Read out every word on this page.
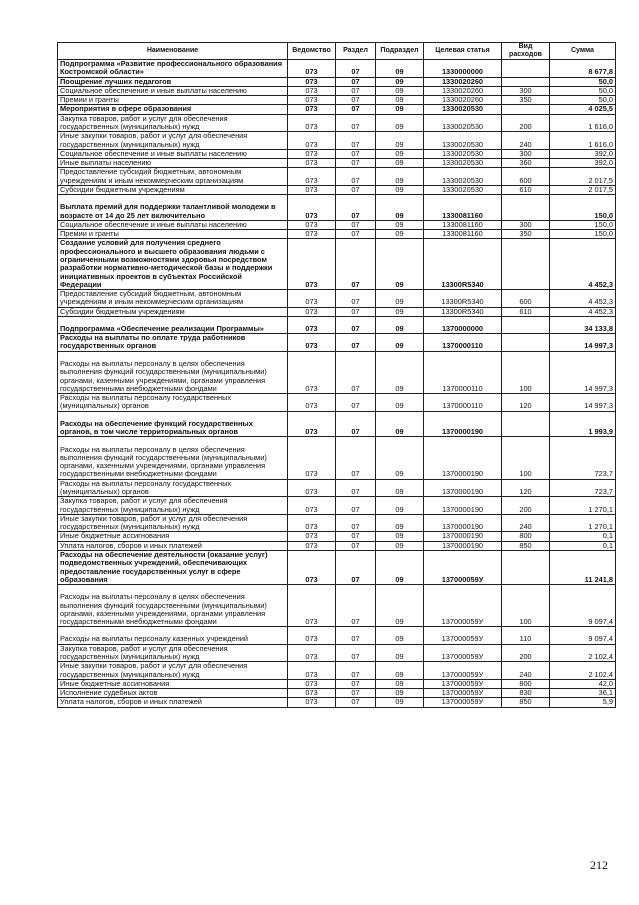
Наименование	Ведомство	Раздел	Подраздел	Целевая статья	Вид расходов	Сумма
Подпрограмма «Развитие профессионального образования Костромской области»	073	07	09	1330000000		8 677,8
Поощрение лучших педагогов	073	07	09	1330020260		50,0
Социальное обеспечение и иные выплаты населению	073	07	09	1330020260	300	50,0
Премии и гранты	073	07	09	1330020260	350	50,0
Мероприятия в сфере образования	073	07	09	1330020530		4 025,5
Закупка товаров, работ и услуг для обеспечения государственных (муниципальных) нужд	073	07	09	1330020530	200	1 616,0
Иные закупки товаров, работ и услуг для обеспечения государственных (муниципальных) нужд	073	07	09	1330020530	240	1 616,0
Социальное обеспечение и иные выплаты населению	073	07	09	1330020530	300	392,0
Иные выплаты населению	073	07	09	1330020530	360	392,0
Предоставление субсидий бюджетным, автономным учреждениям и иным некоммерческим организациям	073	07	09	1330020530	600	2 017,5
Субсидии бюджетным учреждениям	073	07	09	1330020530	610	2 017,5
Выплата премий для поддержки талантливой молодежи в возрасте от 14 до 25 лет включительно	073	07	09	1330081160		150,0
Социальное обеспечение и иные выплаты населению	073	07	09	1330081160	300	150,0
Премии и гранты	073	07	09	1330081160	350	150,0
Создание условий для получения среднего профессионального и высшего образования людьми с ограниченными возможностями здоровья посредством разработки нормативно-методической базы и поддержки инициативных проектов в субъектах Российской Федерации	073	07	09	13300R5340		4 452,3
Предоставление субсидий бюджетным, автономным учреждениям и иным некоммерческим организациям	073	07	09	13300R5340	600	4 452,3
Субсидии бюджетным учреждениям	073	07	09	13300R5340	610	4 452,3
Подпрограмма «Обеспечение реализации Программы»	073	07	09	1370000000		34 133,8
Расходы на выплаты по оплате труда работников государственных органов	073	07	09	1370000110		14 997,3
Расходы на выплаты персоналу в целях обеспечения выполнения функций государственными (муниципальными) органами, казенными учреждениями, органами управления государственными внебюджетными фондами	073	07	09	1370000110	100	14 997,3
Расходы на выплаты персоналу государственных (муниципальных) органов	073	07	09	1370000110	120	14 997,3
Расходы на обеспечение функций государственных органов, в том числе территориальных органов	073	07	09	1370000190		1 993,9
Расходы на выплаты персоналу в целях обеспечения выполнения функций государственными (муниципальными) органами, казенными учреждениями, органами управления государственными внебюджетными фондами	073	07	09	1370000190	100	723,7
Расходы на выплаты персоналу государственных (муниципальных) органов	073	07	09	1370000190	120	723,7
Закупка товаров, работ и услуг для обеспечения государственных (муниципальных) нужд	073	07	09	1370000190	200	1 270,1
Иные закупки товаров, работ и услуг для обеспечения государственных (муниципальных) нужд	073	07	09	1370000190	240	1 270,1
Иные бюджетные ассигнования	073	07	09	1370000190	800	0,1
Уплата налогов, сборов и иных платежей	073	07	09	1370000190	850	0,1
Расходы на обеспечение деятельности (оказание услуг) подведомственных учреждений, обеспечивающих предоставление государственных услуг в сфере образования	073	07	09	137000059У		11 241,8
Расходы на выплаты персоналу в целях обеспечения выполнения функций государственными (муниципальными) органами, казенными учреждениями, органами управления государственными внебюджетными фондами	073	07	09	137000059У	100	9 097,4
Расходы на выплаты персоналу казенных учреждений	073	07	09	137000059У	110	9 097,4
Закупка товаров, работ и услуг для обеспечения государственных (муниципальных) нужд	073	07	09	137000059У	200	2 102,4
Иные закупки товаров, работ и услуг для обеспечения государственных (муниципальных) нужд	073	07	09	137000059У	240	2 102,4
Иные бюджетные ассигнования	073	07	09	137000059У	800	42,0
Исполнение судебных актов	073	07	09	137000059У	830	36,1
Уплата налогов, сборов и иных платежей	073	07	09	137000059У	850	5,9
212
